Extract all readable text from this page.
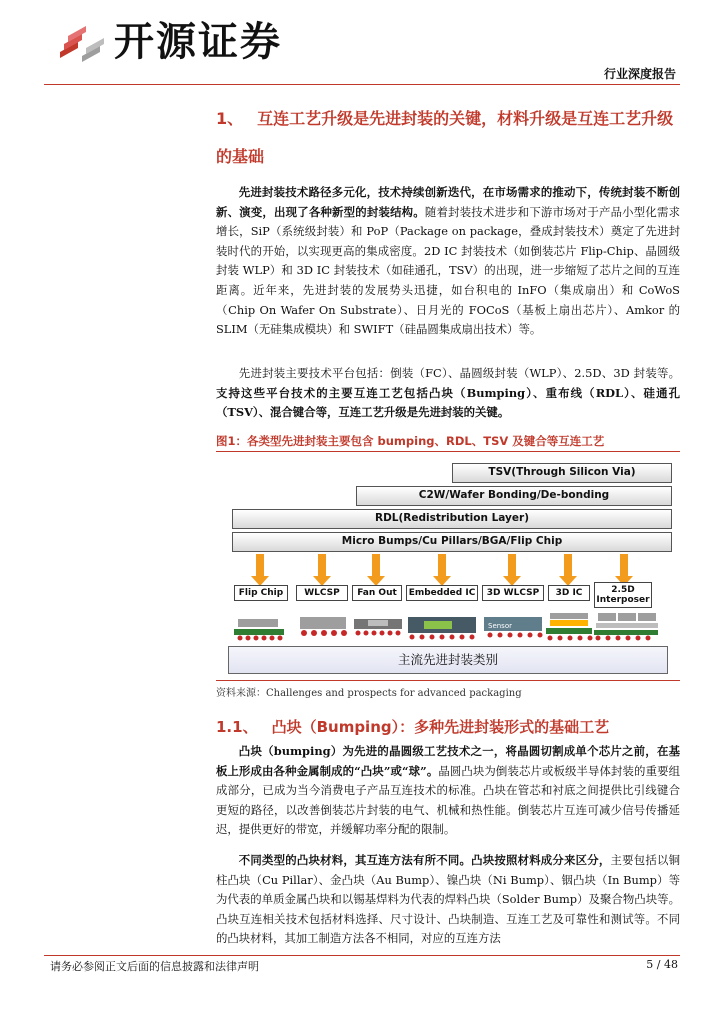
开源证券
行业深度报告
1、 互连工艺升级是先进封装的关键，材料升级是互连工艺升级的基础
先进封装技术路径多元化，技术持续创新迭代，在市场需求的推动下，传统封装不断创新、演变，出现了各种新型的封装结构。随着封装技术进步和下游市场对于产品小型化需求增长，SiP（系统级封装）和 PoP（Package on package，叠成封装技术）奠定了先进封装时代的开始，以实现更高的集成密度。2D IC 封装技术（如倒装芯片 Flip-Chip、晶圆级封装 WLP）和 3D IC 封装技术（如硅通孔，TSV）的出现，进一步缩短了芯片之间的互连距离。近年来，先进封装的发展势头迅捷，如台积电的 InFO（集成扇出）和 CoWoS（Chip On Wafer On Substrate）、日月光的 FOCoS（基板上扇出芯片）、Amkor 的 SLIM（无硅集成模块）和 SWIFT（硅晶圆集成扇出技术）等。
先进封装主要技术平台包括：倒装（FC）、晶圆级封装（WLP）、2.5D、3D 封装等。支持这些平台技术的主要互连工艺包括凸块（Bumping）、重布线（RDL）、硅通孔（TSV）、混合键合等，互连工艺升级是先进封装的关键。
图1：各类型先进封装主要包含 bumping、RDL、TSV 及键合等互连工艺
TSV(Through Silicon Via)
C2W/Wafer Bonding/De-bonding
RDL(Redistribution Layer)
Micro Bumps/Cu Pillars/BGA/Flip Chip
Flip Chip	WLCSP	Fan Out	Embedded IC	3D WLCSP	3D IC	2.5D Interposer
Sensor
主流先进封装类别
资料来源：Challenges and prospects for advanced packaging
1.1、 凸块（Bumping）：多种先进封装形式的基础工艺
凸块（bumping）为先进的晶圆级工艺技术之一，将晶圆切割成单个芯片之前，在基板上形成由各种金属制成的“凸块”或“球”。晶圆凸块为倒装芯片或板级半导体封装的重要组成部分，已成为当今消费电子产品互连技术的标准。凸块在管芯和衬底之间提供比引线键合更短的路径，以改善倒装芯片封装的电气、机械和热性能。倒装芯片互连可减少信号传播延迟，提供更好的带宽，并缓解功率分配的限制。
不同类型的凸块材料，其互连方法有所不同。凸块按照材料成分来区分，主要包括以铜柱凸块（Cu Pillar）、金凸块（Au Bump）、镍凸块（Ni Bump）、铟凸块（In Bump）等为代表的单质金属凸块和以锡基焊料为代表的焊料凸块（Solder Bump）及聚合物凸块等。凸块互连相关技术包括材料选择、尺寸设计、凸块制造、互连工艺及可靠性和测试等。不同的凸块材料，其加工制造方法各不相同，对应的互连方法
请务必参阅正文后面的信息披露和法律声明	5 / 48
